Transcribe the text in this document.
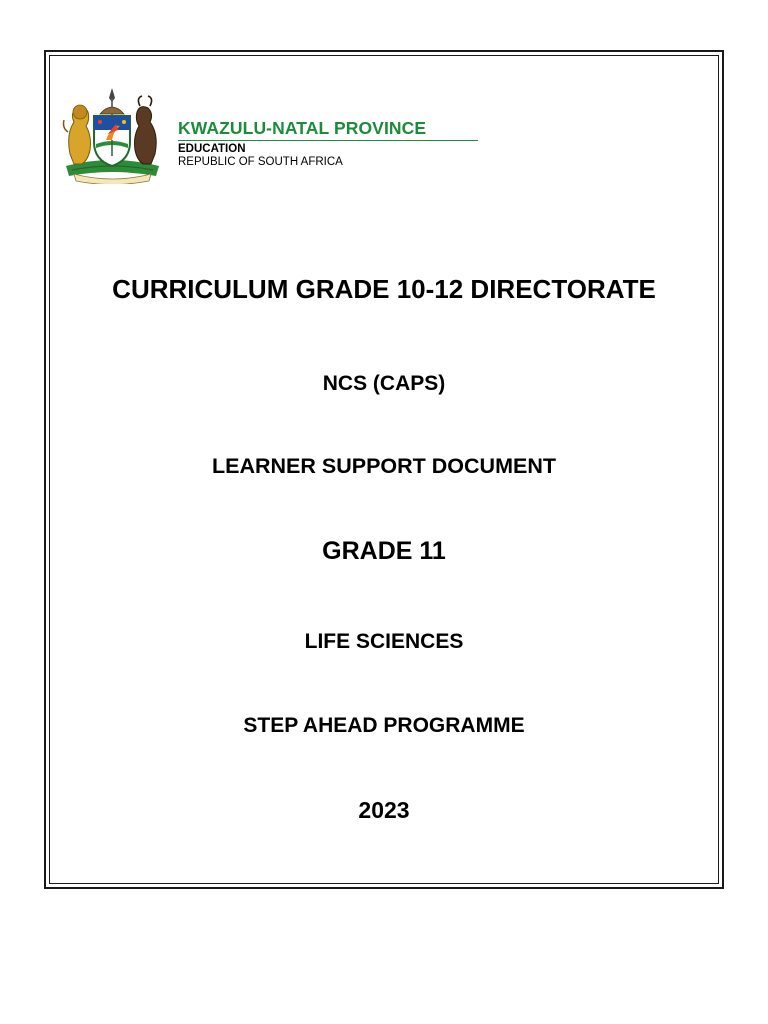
KWAZULU-NATAL PROVINCE
EDUCATION
REPUBLIC OF SOUTH AFRICA
CURRICULUM GRADE 10-12 DIRECTORATE
NCS (CAPS)
LEARNER SUPPORT DOCUMENT
GRADE 11
LIFE SCIENCES
STEP AHEAD PROGRAMME
2023
